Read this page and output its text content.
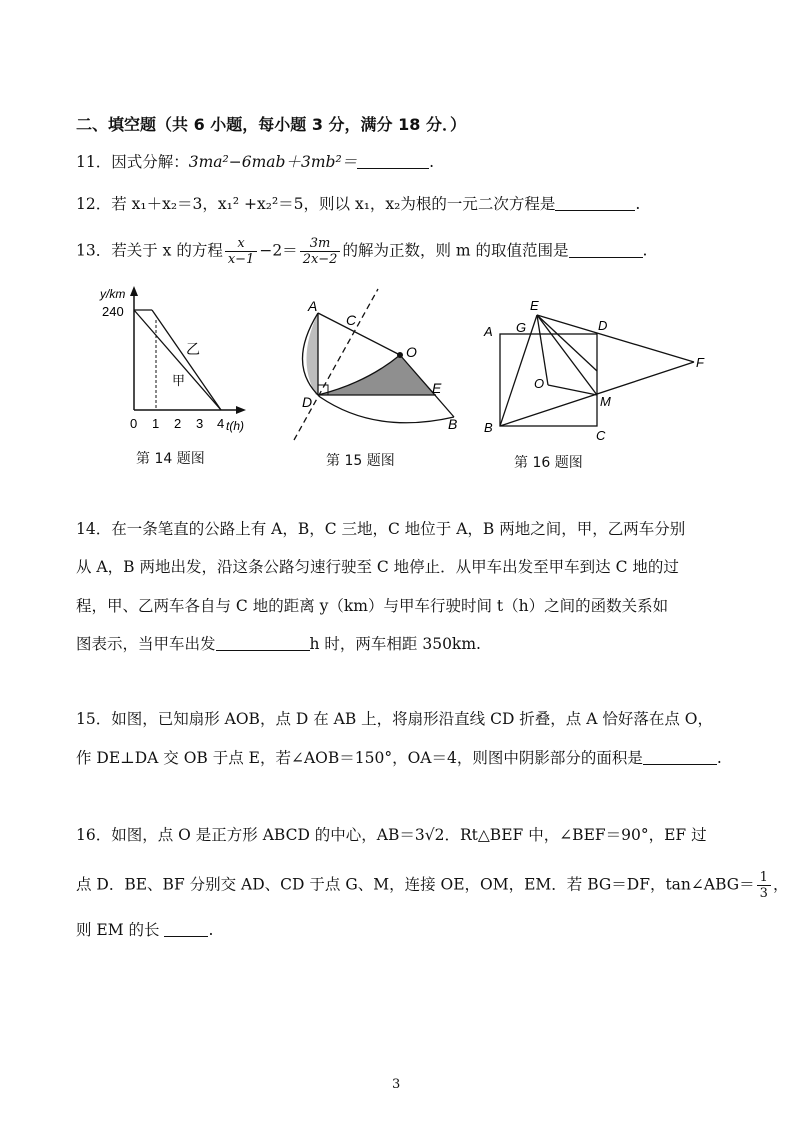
二、填空题（共 6 小题，每小题 3 分，满分 18 分．）
11．因式分解：3ma²−6mab＋3mb²＝	.
12．若 x₁＋x₂＝3，x₁² +x₂²＝5，则以 x₁，x₂为根的一元二次方程是	.
13．若关于 x 的方程 $\frac{x}{x-1} -2= \frac{3m}{2x-2}$ 的解为正数，则 m 的取值范围是	.
y/km
240
乙
甲
0 1 2 3 4 t(h)
第 14 题图
A
C
O
D
E
B
第 15 题图
A G
E
D
F
O
M
B
C
第 16 题图
14．在一条笔直的公路上有 A，B，C 三地，C 地位于 A，B 两地之间，甲，乙两车分别
从 A，B 两地出发，沿这条公路匀速行驶至 C 地停止．从甲车出发至甲车到达 C 地的过
程，甲、乙两车各自与 C 地的距离 y（km）与甲车行驶时间 t（h）之间的函数关系如
图表示，当甲车出发	h 时，两车相距 350km.
15．如图，已知扇形 AOB，点 D 在 AB 上，将扇形沿直线 CD 折叠，点 A 恰好落在点 O，
作 DE⊥DA 交 OB 于点 E，若∠AOB＝150°，OA＝4，则图中阴影部分的面积是	.
16．如图，点 O 是正方形 ABCD 的中心，AB＝3√2．Rt△BEF 中，∠BEF＝90°，EF 过
点 D．BE、BF 分别交 AD、CD 于点 G、M，连接 OE，OM，EM．若 BG＝DF，tan∠ABG＝ $\frac{1}{3}$ ，
则 EM 的长	.
3
